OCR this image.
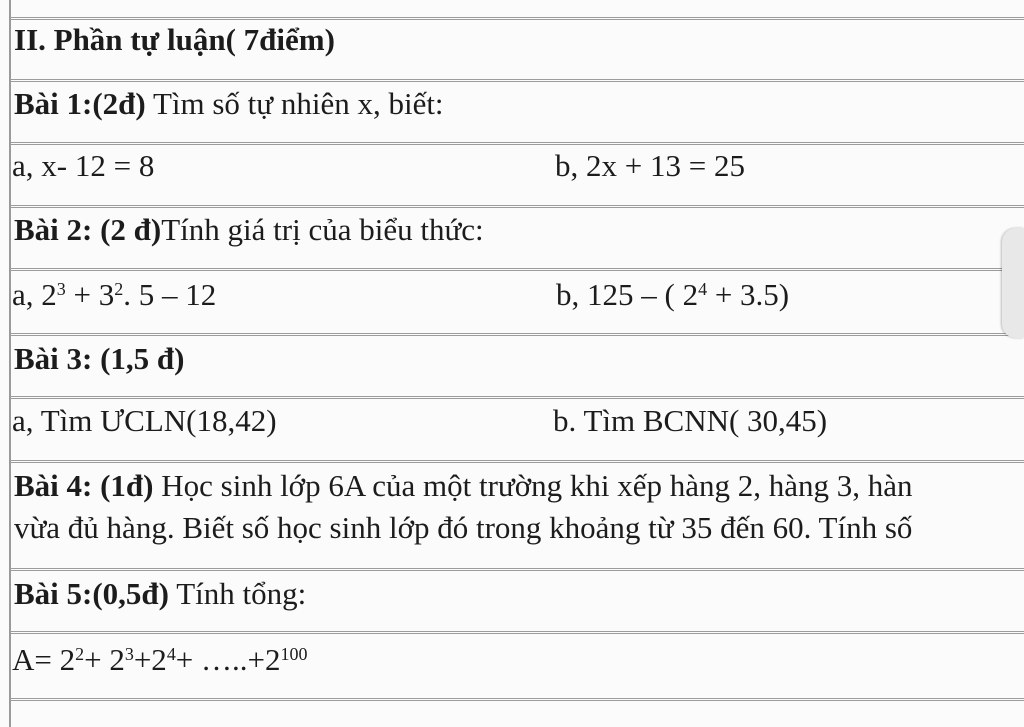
II. Phần tự luận( 7điểm)
Bài 1:(2đ) Tìm số tự nhiên x, biết:
a, x- 12 = 8	b, 2x + 13 = 25
Bài 2: (2 đ)Tính giá trị của biểu thức:
a, $2^3 + 3^2$. 5 – 12	b, 125 – ( $2^4 + 3.5$)
Bài 3: (1,5 đ)
a, Tìm ƯCLN(18,42)	b. Tìm BCNN( 30,45)
Bài 4: (1đ) Học sinh lớp 6A của một trường khi xếp hàng 2, hàng 3, hàn
vừa đủ hàng. Biết số học sinh lớp đó trong khoảng từ 35 đến 60. Tính số
Bài 5:(0,5đ) Tính tổng:
$A= 2^2+ 2^3+2^4+$ $\dots..+2^{100}$
